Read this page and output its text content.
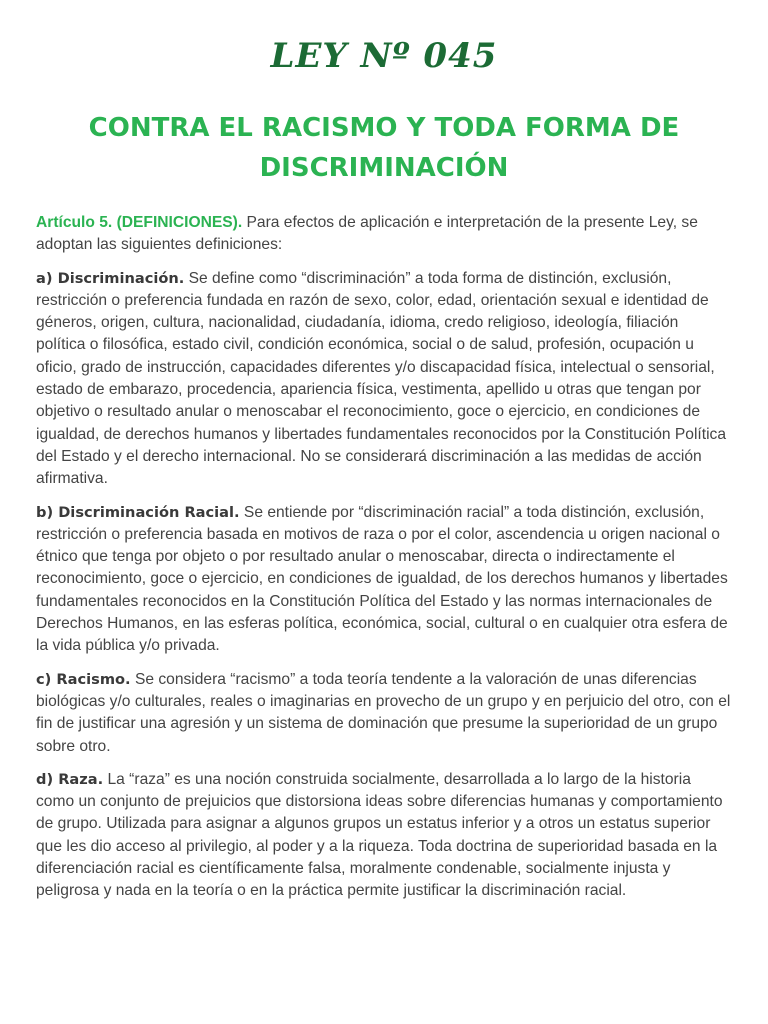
LEY Nº 045
CONTRA EL RACISMO Y TODA FORMA DE DISCRIMINACIÓN

Artículo 5. (DEFINICIONES). Para efectos de aplicación e interpretación de la presente Ley, se adoptan las siguientes definiciones:

a) Discriminación. Se define como “discriminación” a toda forma de distinción, exclusión, restricción o preferencia fundada en razón de sexo, color, edad, orientación sexual e identidad de géneros, origen, cultura, nacionalidad, ciudadanía, idioma, credo religioso, ideología, filiación política o filosófica, estado civil, condición económica, social o de salud, profesión, ocupación u oficio, grado de instrucción, capacidades diferentes y/o discapacidad física, intelectual o sensorial, estado de embarazo, procedencia, apariencia física, vestimenta, apellido u otras que tengan por objetivo o resultado anular o menoscabar el reconocimiento, goce o ejercicio, en condiciones de igualdad, de derechos humanos y libertades fundamentales reconocidos por la Constitución Política del Estado y el derecho internacional. No se considerará discriminación a las medidas de acción afirmativa.

b) Discriminación Racial. Se entiende por “discriminación racial” a toda distinción, exclusión, restricción o preferencia basada en motivos de raza o por el color, ascendencia u origen nacional o étnico que tenga por objeto o por resultado anular o menoscabar, directa o indirectamente el reconocimiento, goce o ejercicio, en condiciones de igualdad, de los derechos humanos y libertades fundamentales reconocidos en la Constitución Política del Estado y las normas internacionales de Derechos Humanos, en las esferas política, económica, social, cultural o en cualquier otra esfera de la vida pública y/o privada.

c) Racismo. Se considera “racismo” a toda teoría tendente a la valoración de unas diferencias biológicas y/o culturales, reales o imaginarias en provecho de un grupo y en perjuicio del otro, con el fin de justificar una agresión y un sistema de dominación que presume la superioridad de un grupo sobre otro.

d) Raza. La “raza” es una noción construida socialmente, desarrollada a lo largo de la historia como un conjunto de prejuicios que distorsiona ideas sobre diferencias humanas y comportamiento de grupo. Utilizada para asignar a algunos grupos un estatus inferior y a otros un estatus superior que les dio acceso al privilegio, al poder y a la riqueza. Toda doctrina de superioridad basada en la diferenciación racial es científicamente falsa, moralmente condenable, socialmente injusta y peligrosa y nada en la teoría o en la práctica permite justificar la discriminación racial.
